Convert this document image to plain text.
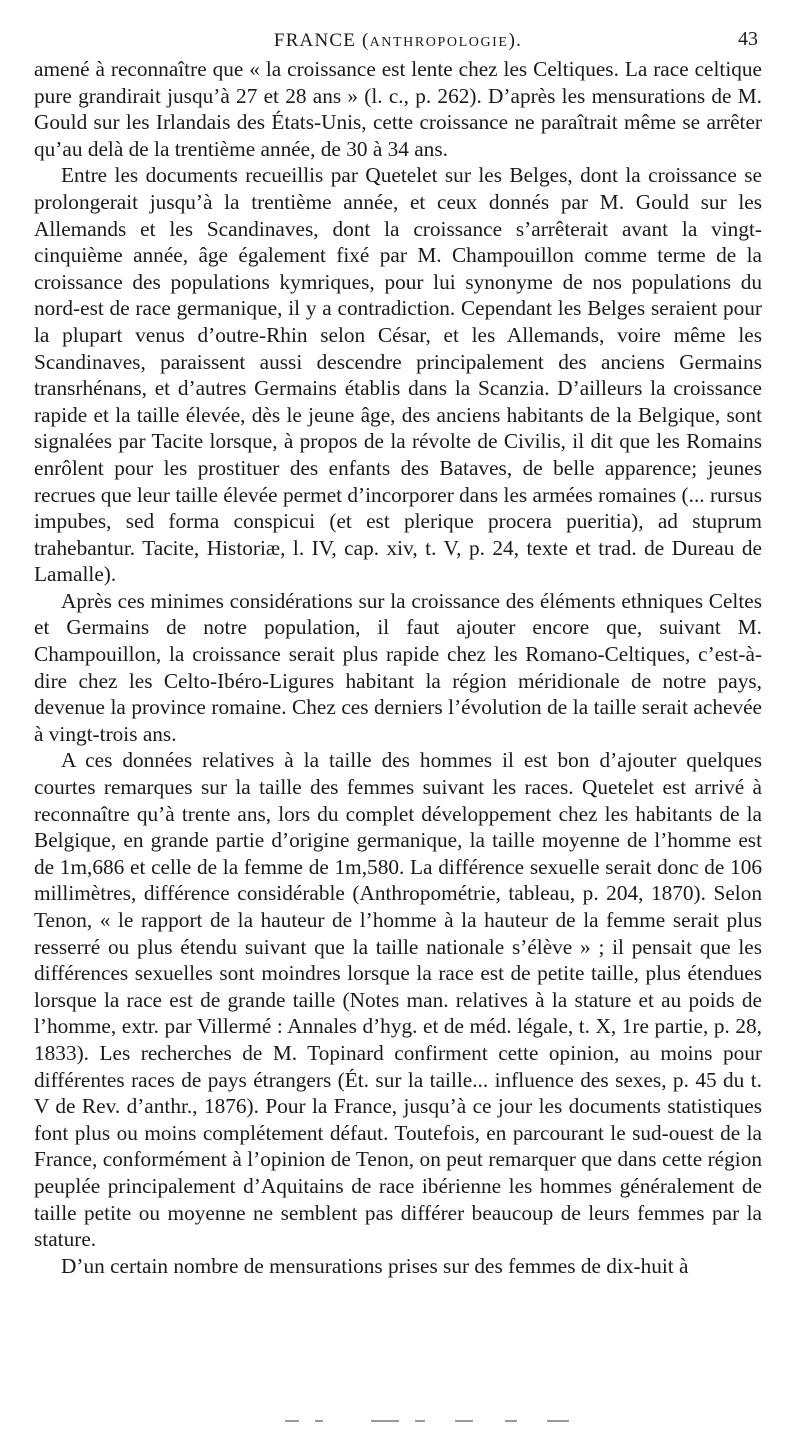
FRANCE (ANTHROPOLOGIE).	43

amené à reconnaître que « la croissance est lente chez les Celtiques. La race celtique pure grandirait jusqu’à 27 et 28 ans » (l. c., p. 262). D’après les mensurations de M. Gould sur les Irlandais des États-Unis, cette croissance ne paraîtrait même se arrêter qu’au delà de la trentième année, de 30 à 34 ans.

Entre les documents recueillis par Quetelet sur les Belges, dont la croissance se prolongerait jusqu’à la trentième année, et ceux donnés par M. Gould sur les Allemands et les Scandinaves, dont la croissance s’arrêterait avant la vingt-cinquième année, âge également fixé par M. Champouillon comme terme de la croissance des populations kymriques, pour lui synonyme de nos populations du nord-est de race germanique, il y a contradiction. Cependant les Belges seraient pour la plupart venus d’outre-Rhin selon César, et les Allemands, voire même les Scandinaves, paraissent aussi descendre principalement des anciens Germains transrhénans, et d’autres Germains établis dans la Scanzia. D’ailleurs la croissance rapide et la taille élevée, dès le jeune âge, des anciens habitants de la Belgique, sont signalées par Tacite lorsque, à propos de la révolte de Civilis, il dit que les Romains enrôlent pour les prostituer des enfants des Bataves, de belle apparence; jeunes recrues que leur taille élevée permet d’incorporer dans les armées romaines (... rursus impubes, sed forma conspicui (et est plerique procera pueritia), ad stuprum trahebantur. Tacite, Historiæ, l. IV, cap. xiv, t. V, p. 24, texte et trad. de Dureau de Lamalle).

Après ces minimes considérations sur la croissance des éléments ethniques Celtes et Germains de notre population, il faut ajouter encore que, suivant M. Champouillon, la croissance serait plus rapide chez les Romano-Celtiques, c’est-à-dire chez les Celto-Ibéro-Ligures habitant la région méridionale de notre pays, devenue la province romaine. Chez ces derniers l’évolution de la taille serait achevée à vingt-trois ans.

A ces données relatives à la taille des hommes il est bon d’ajouter quelques courtes remarques sur la taille des femmes suivant les races. Quetelet est arrivé à reconnaître qu’à trente ans, lors du complet développement chez les habitants de la Belgique, en grande partie d’origine germanique, la taille moyenne de l’homme est de 1m,686 et celle de la femme de 1m,580. La différence sexuelle serait donc de 106 millimètres, différence considérable (Anthropométrie, tableau, p. 204, 1870). Selon Tenon, « le rapport de la hauteur de l’homme à la hauteur de la femme serait plus resserré ou plus étendu suivant que la taille nationale s’élève » ; il pensait que les différences sexuelles sont moindres lorsque la race est de petite taille, plus étendues lorsque la race est de grande taille (Notes man. relatives à la stature et au poids de l’homme, extr. par Villermé : Annales d’hyg. et de méd. légale, t. X, 1re partie, p. 28, 1833). Les recherches de M. Topinard confirment cette opinion, au moins pour différentes races de pays étrangers (Ét. sur la taille... influence des sexes, p. 45 du t. V de Rev. d’anthr., 1876). Pour la France, jusqu’à ce jour les documents statistiques font plus ou moins complétement défaut. Toutefois, en parcourant le sud-ouest de la France, conformément à l’opinion de Tenon, on peut remarquer que dans cette région peuplée principalement d’Aquitains de race ibérienne les hommes généralement de taille petite ou moyenne ne semblent pas différer beaucoup de leurs femmes par la stature.

D’un certain nombre de mensurations prises sur des femmes de dix-huit à
